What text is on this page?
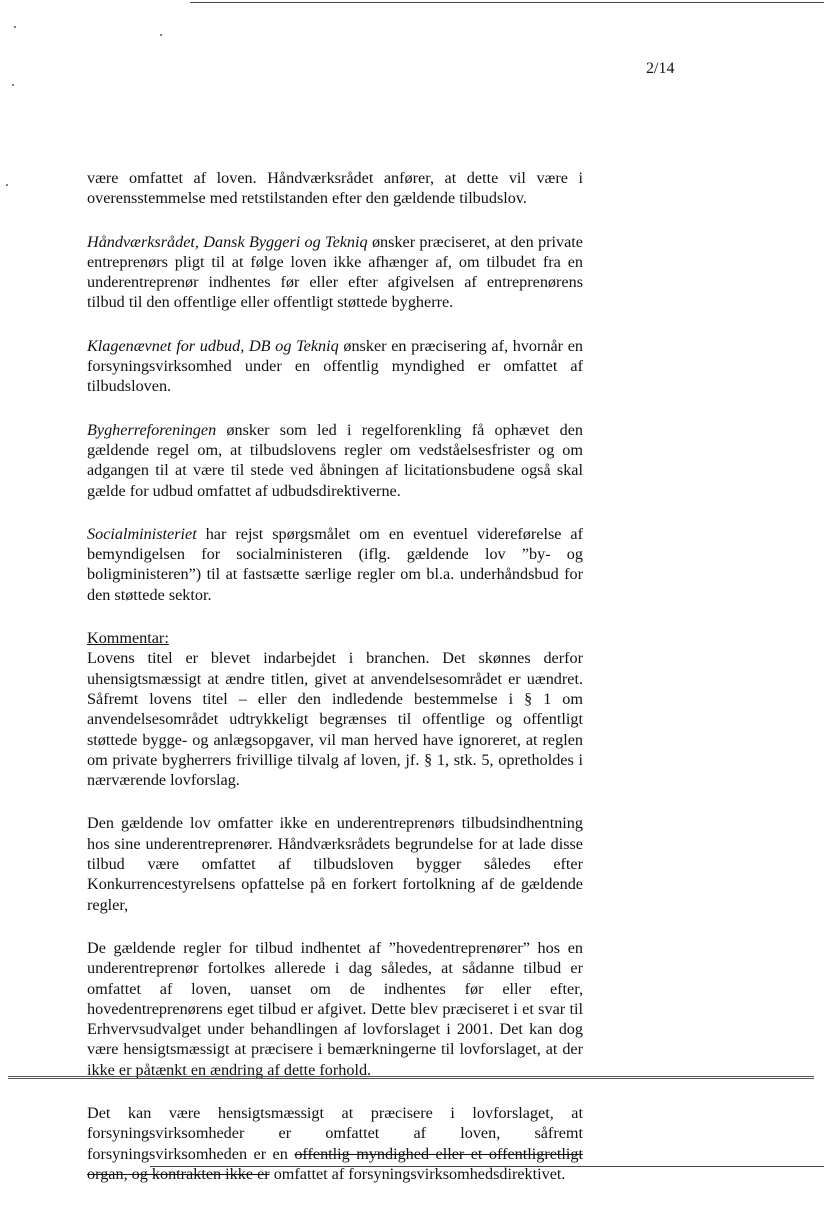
2/14

være omfattet af loven. Håndværksrådet anfører, at dette vil være i overensstemmelse med retstilstanden efter den gældende tilbudslov.

Håndværksrådet, Dansk Byggeri og Tekniq ønsker præciseret, at den private entreprenørs pligt til at følge loven ikke afhænger af, om tilbudet fra en underentreprenør indhentes før eller efter afgivelsen af entreprenørens tilbud til den offentlige eller offentligt støttede bygherre.

Klagenævnet for udbud, DB og Tekniq ønsker en præcisering af, hvornår en forsyningsvirksomhed under en offentlig myndighed er omfattet af tilbudsloven.

Bygherreforeningen ønsker som led i regelforenkling få ophævet den gældende regel om, at tilbudslovens regler om vedståelsesfrister og om adgangen til at være til stede ved åbningen af licitationsbudene også skal gælde for udbud omfattet af udbudsdirektiverne.

Socialministeriet har rejst spørgsmålet om en eventuel videreførelse af bemyndigelsen for socialministeren (iflg. gældende lov ”by- og boligministeren”) til at fastsætte særlige regler om bl.a. underhåndsbud for den støttede sektor.

Kommentar:
Lovens titel er blevet indarbejdet i branchen. Det skønnes derfor uhensigtsmæssigt at ændre titlen, givet at anvendelsesområdet er uændret. Såfremt lovens titel – eller den indledende bestemmelse i § 1 om anvendelsesområdet udtrykkeligt begrænses til offentlige og offentligt støttede bygge- og anlægsopgaver, vil man herved have ignoreret, at reglen om private bygherrers frivillige tilvalg af loven, jf. § 1, stk. 5, opretholdes i nærværende lovforslag.

Den gældende lov omfatter ikke en underentreprenørs tilbudsindhentning hos sine underentreprenører. Håndværksrådets begrundelse for at lade disse tilbud være omfattet af tilbudsloven bygger således efter Konkurrencestyrelsens opfattelse på en forkert fortolkning af de gældende regler,

De gældende regler for tilbud indhentet af ”hovedentreprenører” hos en underentreprenør fortolkes allerede i dag således, at sådanne tilbud er omfattet af loven, uanset om de indhentes før eller efter, hovedentreprenørens eget tilbud er afgivet. Dette blev præciseret i et svar til Erhvervsudvalget under behandlingen af lovforslaget i 2001. Det kan dog være hensigtsmæssigt at præcisere i bemærkningerne til lovforslaget, at der ikke er påtænkt en ændring af dette forhold.

Det kan være hensigtsmæssigt at præcisere i lovforslaget, at forsyningsvirksomheder er omfattet af loven, såfremt forsyningsvirksomheden er en offentlig myndighed eller et offentligretligt organ, og kontrakten ikke er omfattet af forsyningsvirksomhedsdirektivet.
